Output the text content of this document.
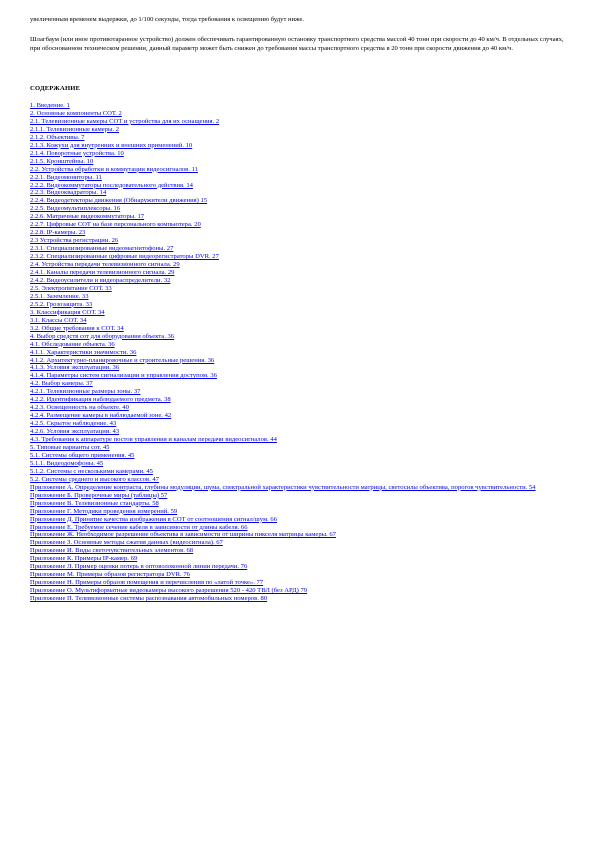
увеличенным временем выдержки, до 1/100 секунды, тогда требования к освещению будут ниже.

Шлагбаум (или иное противотаранное устройство) должен обеспечивать гарантированную остановку транспортного средства массой 40 тонн при скорости до 40 км/ч. В отдельных случаях, при обоснованном техническом решении, данный параметр может быть снижен до требования массы транспортного средства в 20 тонн при скорости движения до 40 км/ч.

СОДЕРЖАНИЕ
1. Введение. 1
2. Основные компоненты СОТ. 2
2.1. Телевизионные камеры СОТ и устройства для их оснащения. 2
2.1.1. Телевизионные камеры. 2
2.1.2. Объективы. 7
2.1.3. Кожухи для внутренних и внешних применений. 10
2.1.4. Поворотные устройства. 10
2.1.5. Кронштейны. 10
2.2. Устройства обработки и коммутации видеосигналов. 11
2.2.1. Видеомониторы. 11
2.2.2. Видеокоммутаторы последовательного действия. 14
2.2.3. Видеоквадраторы. 14
2.2.4. Видеодетекторы движения (Обнаружители движения) 15
2.2.5. Видеомультиплексоры. 16
2.2.6. Матричные видеокоммутаторы. 17
2.2.7. Цифровые СОТ на базе персонального компьютера. 20
2.2.8. IP-камеры. 23
2.3 Устройства регистрации. 26
2.3.1. Специализированные видеомагнитофоны. 27
2.3.2. Специализированные цифровые видеорегистраторы DVR. 27
2.4. Устройства передачи телевизионного сигнала. 29
2.4.1. Каналы передачи телевизионного сигнала. 29
2.4.2. Видеоусилители и видеораспределители. 32
2.5. Электропитание СОТ. 33
2.5.1. Заземление. 33
2.5.2. Грозозащита. 33
3. Классификация СОТ. 34
3.1. Классы СОТ. 34
3.2. Общие требования к СОТ. 34
4. Выбор средств сот для оборудования объекта. 36
4.1. Обследование объекта. 36
4.1.1. Характеристики значимости. 36
4.1.2. Архитектурно-планировочные и строительные решения. 36
4.1.3. Условия эксплуатации. 36
4.1.4. Параметры систем сигнализации и управления доступом. 36
4.2. Выбор камеры. 37
4.2.1. Телевизионные размеры зоны. 37
4.2.2. Идентификация наблюдаемого предмета. 38
4.2.3. Освещенность на объекте. 40
4.2.4. Размещение камеры в наблюдаемой зоне. 42
4.2.5. Скрытое наблюдение. 43
4.2.6. Условия эксплуатации. 43
4.3. Требования к аппаратуре постов управления и каналам передачи видеосигналов. 44
5. Типовые варианты сот. 45
5.1. Системы общего применения. 45
5.1.1. Видеодомофоны. 45
5.1.2. Системы с несколькими камерами. 45
5.2. Системы среднего и высокого классов. 47
Приложение А. Определение контраста, глубины модуляции, шума, спектральной характеристики чувствительности матрицы, светосилы объектива, порогов чувствительности. 54
Приложение Б. Проверочные миры (таблицы) 57
Приложение В. Телевизионные стандарты. 58
Приложение Г. Методики проведения измерений. 59
Приложение Д. Принятие качества изображения в СОТ от соотношения сигнал/шум. 66
Приложение Е. Требуемое сечение кабеля в зависимости от длины кабеля. 66
Приложение Ж. Необходимое разрешение объектива в зависимости от ширины пикселя матрицы камеры. 67
Приложение З. Основные методы сжатия данных (видеосигнала). 67
Приложение И. Виды светочувствительных элементов. 68
Приложение К. Примеры IP-камер. 69
Приложение Л. Пример оценки потерь в оптоволоконной линии передачи. 76
Приложение М. Примеры образов регистратора DVR. 76
Приложение Н. Примеры образов помещения и перечисления по «латой точке». 77
Приложение О. Мультиформатные видеокамеры высокого разрешения 520 - 420 ТВЛ (без АРД) 79
Приложение П. Телевизионные системы распознавания автомобильных номеров. 80
